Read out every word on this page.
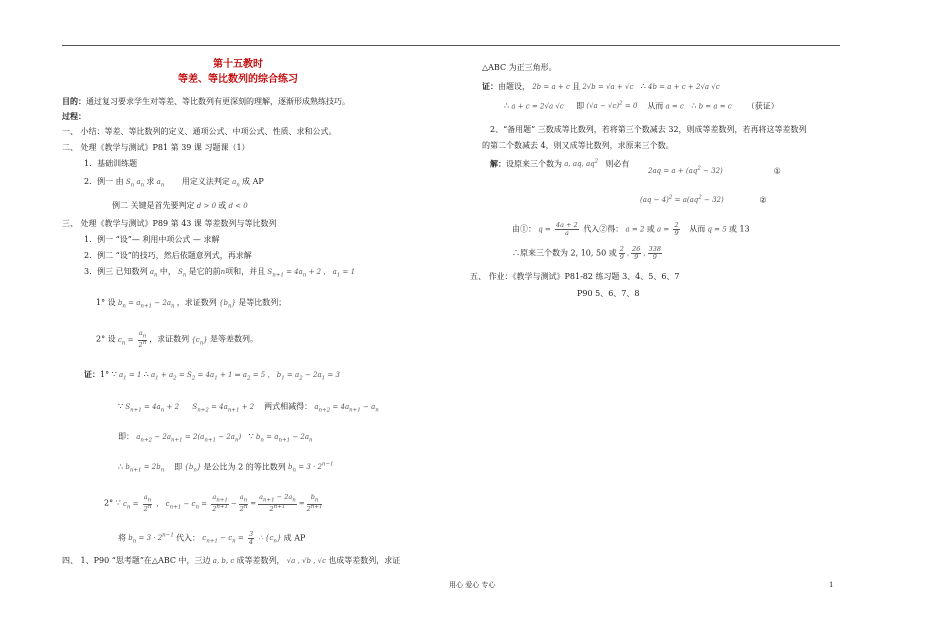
第十五教时
等差、等比数列的综合练习
目的：通过复习要求学生对等差、等比数列有更深刻的理解，逐渐形成熟练技巧。
过程：
一、 小结：等差、等比数列的定义、通项公式、中项公式、性质、求和公式。
二、 处理《教学与测试》P81 第 39 课 习题课（1）
1．基础训练题
2．例一 由 $S_n$ $a_n$ 求 $a_n$ 用定义法判定 $a_n$ 成 AP
例二 关键是首先要判定 d > 0 或 d < 0
三、 处理《教学与测试》P89 第 43 课 等差数列与等比数列
1．例一 “设”— 利用中项公式 — 求解
2．例二 “设”的技巧，然后依题意列式，再求解
3．例三 已知数列 $a_n$ 中， $S_n$ 是它的前n项和，并且 $S_{n+1} = 4a_n + 2$ ， $a_1 = 1$
1° 设 $b_n = a_{n+1} - 2a_n$ ，求证数列 $\{b_n\}$ 是等比数列；
2° 设 $c_n = \frac{a_n}{2^n}$ ，求证数列 $\{c_n\}$ 是等差数列。
证：1° ∵ $a_1 = 1$ ∴ $a_1 + a_2 = S_2 = 4a_1 + 1$ ⇒ $a_2 = 5$ ， $b_1 = a_2 - 2a_1 = 3$
∵ $S_{n+1} = 4a_n + 2$      $S_{n+2} = 4a_{n+1} + 2$    两式相减得： $a_{n+2} = 4a_{n+1} - a_n$
即： $a_{n+2} - 2a_{n+1} = 2(a_{n+1} - 2a_n)$   ∵ $b_n = a_{n+1} - 2a_n$
∴ $b_{n+1} = 2b_n$ 即 $\{b_n\}$ 是公比为 2 的等比数列 $b_n = 3 \cdot 2^{n-1}$
2° ∵ $c_n = \frac{a_n}{2^n}$ ， $c_{n+1} - c_n = \frac{a_{n+1}}{2^{n+1}} - \frac{a_n}{2^n} = \frac{a_{n+1} - 2a_n}{2^{n+1}} = \frac{b_n}{2^{n+1}}$
将 $b_n = 3 \cdot 2^{n-1}$ 代入： $c_{n+1} - c_n = \frac{3}{4}$ ∴ $\{c_n\}$ 成 AP
四、 1、P90 “思考题”在△ABC 中，三边 a, b, c 成等差数列， √a , √b , √c 也成等差数列，求证
△ABC 为正三角形。
证：由题设， 2b = a + c 且 2√b = √a + √c   ∴ 4b = a + c + 2√a √c
∴ a + c = 2√a √c     即 $(√a - √c)^2 = 0$    从而 a = c   ∴ b = a = c      （获证）
2、“备用题” 三数成等比数列，若将第三个数减去 32，则成等差数列，若再将这等差数列
的第二个数减去 4，则又成等比数列，求原来三个数。
解：设原来三个数为 a, aq, $aq^2$ 则必有
$2aq = a + (aq^2 - 32)$	①
$(aq - 4)^2 = a(aq^2 - 32)$	②
由①： $q = \frac{4a + 2}{a}$ 代入②得： a = 2 或 $a = \frac{2}{9}$ 从而 q = 5 或 13
∴原来三个数为 2, 10, 50 或 $\frac{2}{9}$ , $\frac{26}{9}$ , $\frac{338}{9}$
五、 作业：《教学与测试》P81-82 练习题 3、4、5、6、7
P90 5、6、7、8
用心 爱心 专心	1
